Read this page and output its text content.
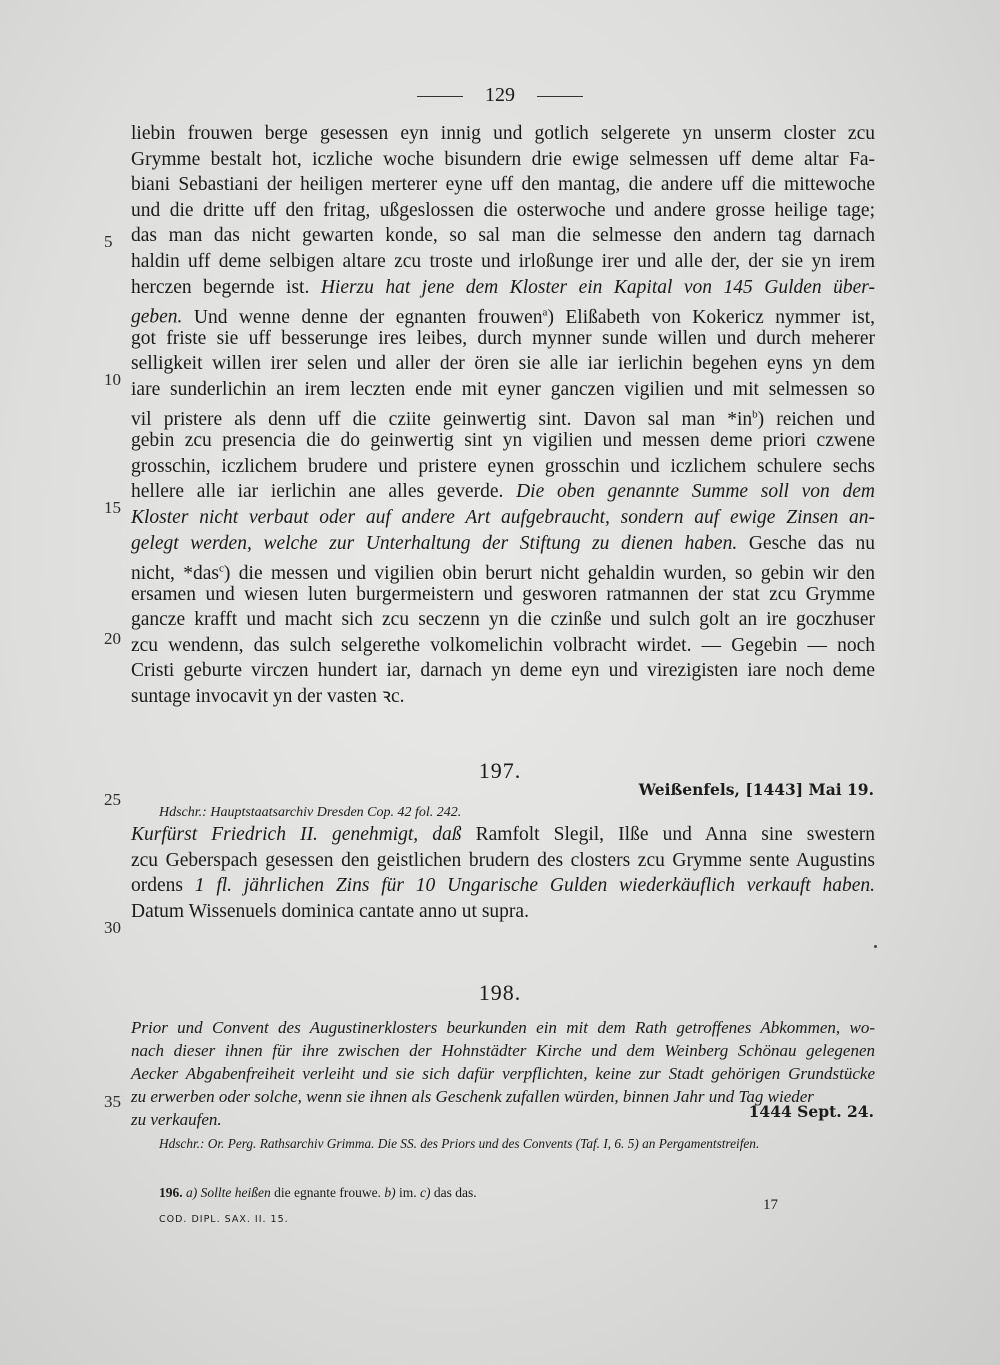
129
liebin frouwen berge gesessen eyn innig und gotlich selgerete yn unserm closter zcu
Grymme bestalt hot, iczliche woche bisundern drie ewige selmessen uff deme altar Fa-
biani Sebastiani der heiligen merterer eyne uff den mantag, die andere uff die mittewoche
und die dritte uff den fritag, ußgeslossen die osterwoche und andere grosse heilige tage;
das man das nicht gewarten konde, so sal man die selmesse den andern tag darnach
haldin uff deme selbigen altare zcu troste und irloßunge irer und alle der, der sie yn irem
herczen begernde ist. Hierzu hat jene dem Kloster ein Kapital von 145 Gulden über-
geben. Und wenne denne der egnanten frouwen$^a$) Elißabeth von Kokericz nymmer ist,
got friste sie uff besserunge ires leibes, durch mynner sunde willen und durch meherer
selligkeit willen irer selen und aller der ören sie alle iar ierlichin begehen eyns yn dem
iare sunderlichin an irem leczten ende mit eyner ganczen vigilien und mit selmessen so
vil pristere als denn uff die cziite geinwertig sint. Davon sal man $*in^b$) reichen und
gebin zcu presencia die do geinwertig sint yn vigilien und messen deme priori czwene
grosschin, iczlichem brudere und pristere eynen grosschin und iczlichem schulere sechs
hellere alle iar ierlichin ane alles geverde. Die oben genannte Summe soll von dem
Kloster nicht verbaut oder auf andere Art aufgebraucht, sondern auf ewige Zinsen an-
gelegt werden, welche zur Unterhaltung der Stiftung zu dienen haben. Gesche das nu
nicht, *das$^c$) die messen und vigilien obin berurt nicht gehaldin wurden, so gebin wir den
ersamen und wiesen luten burgermeistern und gesworen ratmannen der stat zcu Grymme
gancze krafft und macht sich zcu seczenn yn die czinße und sulch golt an ire goczhuser
zcu wendenn, das sulch selgerethe volkomelichin volbracht wirdet. — Gegebin — noch
Cristi geburte virczen hundert iar, darnach yn deme eyn und virezigisten iare noch deme
suntage invocavit yn der vasten ꝛc.
5
10
15
20
197.
Weißenfels, [1443] Mai 19.
25
Hdschr.: Hauptstaatsarchiv Dresden Cop. 42 fol. 242.
Kurfürst Friedrich II. genehmigt, daß Ramfolt Slegil, Ilße und Anna sine swestern
zcu Geberspach gesessen den geistlichen brudern des closters zcu Grymme sente Augustins
ordens 1 fl. jährlichen Zins für 10 Ungarische Gulden wiederkäuflich verkauft haben.
Datum Wissenuels dominica cantate anno ut supra.
30
198.
Prior und Convent des Augustinerklosters beurkunden ein mit dem Rath getroffenes Abkommen, wo-
nach dieser ihnen für ihre zwischen der Hohnstädter Kirche und dem Weinberg Schönau gelegenen
Aecker Abgabenfreiheit verleiht und sie sich dafür verpflichten, keine zur Stadt gehörigen Grundstücke
zu erwerben oder solche, wenn sie ihnen als Geschenk zufallen würden, binnen Jahr und Tag wieder
zu verkaufen.	1444 Sept. 24.
35
Hdschr.: Or. Perg. Rathsarchiv Grimma. Die SS. des Priors und des Convents (Taf. I, 6. 5) an Pergamentstreifen.
196. a) Sollte heißen die egnante frouwe. b) im. c) das das.
17
COD. DIPL. SAX. II. 15.
